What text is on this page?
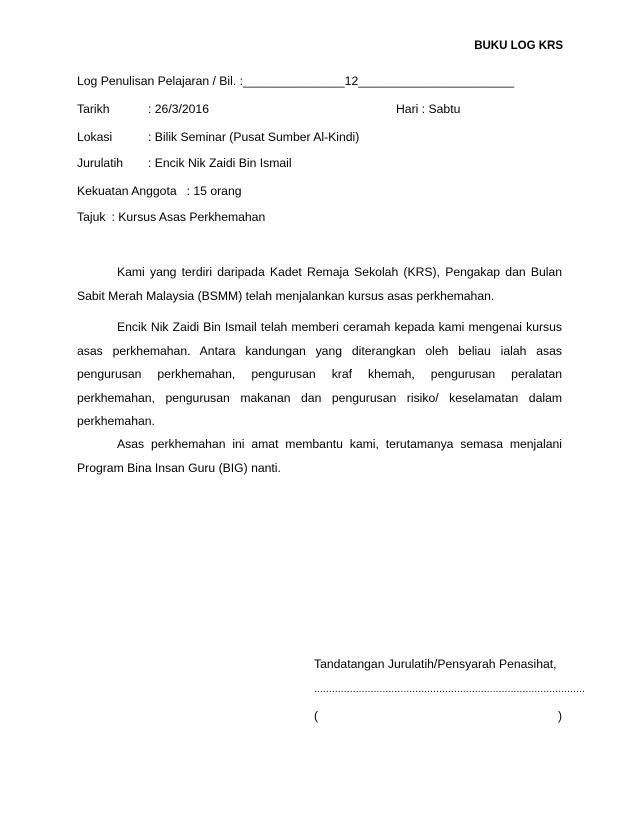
BUKU LOG KRS
Log Penulisan Pelajaran / Bil. :_______________12_______________________
Tarikh	: 26/3/2016	Hari : Sabtu
Lokasi	: Bilik Seminar (Pusat Sumber Al-Kindi)
Jurulatih : Encik Nik Zaidi Bin Ismail
Kekuatan Anggota : 15 orang
Tajuk : Kursus Asas Perkhemahan

Kami yang terdiri daripada Kadet Remaja Sekolah (KRS), Pengakap dan Bulan Sabit Merah Malaysia (BSMM) telah menjalankan kursus asas perkhemahan.

Encik Nik Zaidi Bin Ismail telah memberi ceramah kepada kami mengenai kursus asas perkhemahan. Antara kandungan yang diterangkan oleh beliau ialah asas pengurusan perkhemahan, pengurusan kraf khemah, pengurusan peralatan perkhemahan, pengurusan makanan dan pengurusan risiko/ keselamatan dalam perkhemahan.

Asas perkhemahan ini amat membantu kami, terutamanya semasa menjalani Program Bina Insan Guru (BIG) nanti.

Tandatangan Jurulatih/Pensyarah Penasihat,
...........................................................................................
(	)
